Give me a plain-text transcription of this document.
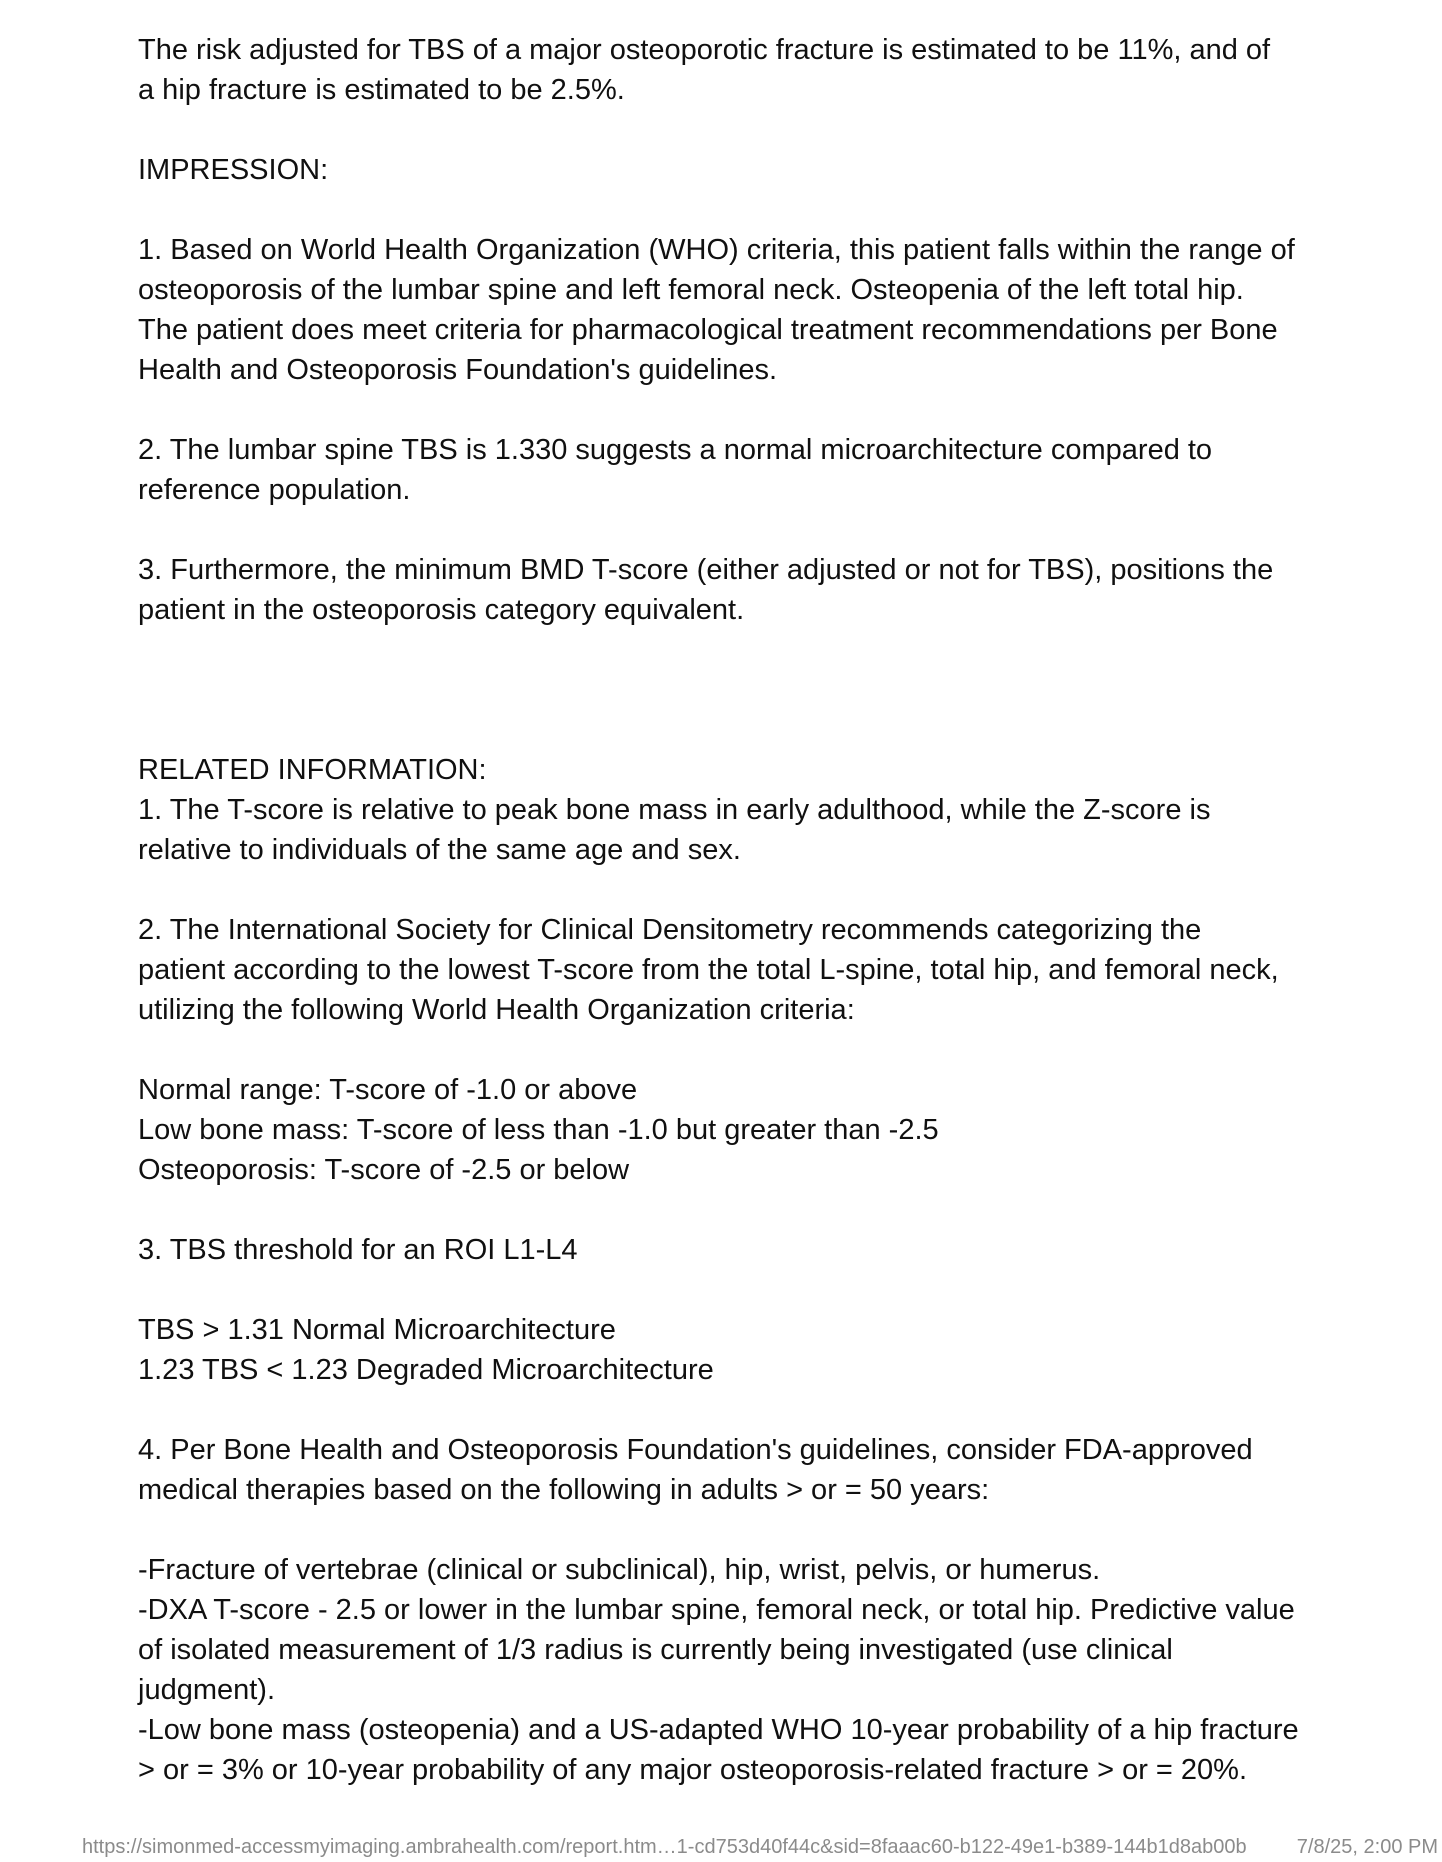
The risk adjusted for TBS of a major osteoporotic fracture is estimated to be 11%, and of
a hip fracture is estimated to be 2.5%.

IMPRESSION:

1. Based on World Health Organization (WHO) criteria, this patient falls within the range of
osteoporosis of the lumbar spine and left femoral neck. Osteopenia of the left total hip.
The patient does meet criteria for pharmacological treatment recommendations per Bone
Health and Osteoporosis Foundation's guidelines.

2. The lumbar spine TBS is 1.330 suggests a normal microarchitecture compared to
reference population.

3. Furthermore, the minimum BMD T-score (either adjusted or not for TBS), positions the
patient in the osteoporosis category equivalent.

RELATED INFORMATION:
1. The T-score is relative to peak bone mass in early adulthood, while the Z-score is
relative to individuals of the same age and sex.

2. The International Society for Clinical Densitometry recommends categorizing the
patient according to the lowest T-score from the total L-spine, total hip, and femoral neck,
utilizing the following World Health Organization criteria:

Normal range: T-score of -1.0 or above
Low bone mass: T-score of less than -1.0 but greater than -2.5
Osteoporosis: T-score of -2.5 or below

3. TBS threshold for an ROI L1-L4

TBS > 1.31 Normal Microarchitecture
1.23 TBS < 1.23 Degraded Microarchitecture

4. Per Bone Health and Osteoporosis Foundation's guidelines, consider FDA-approved
medical therapies based on the following in adults > or = 50 years:

-Fracture of vertebrae (clinical or subclinical), hip, wrist, pelvis, or humerus.
-DXA T-score - 2.5 or lower in the lumbar spine, femoral neck, or total hip. Predictive value
of isolated measurement of 1/3 radius is currently being investigated (use clinical
judgment).
-Low bone mass (osteopenia) and a US-adapted WHO 10-year probability of a hip fracture
> or = 3% or 10-year probability of any major osteoporosis-related fracture > or = 20%.
https://simonmed-accessmyimaging.ambrahealth.com/report.htm…1-cd753d40f44c&sid=8faaac60-b122-49e1-b389-144b1d8ab00b	7/8/25, 2:00 PM
